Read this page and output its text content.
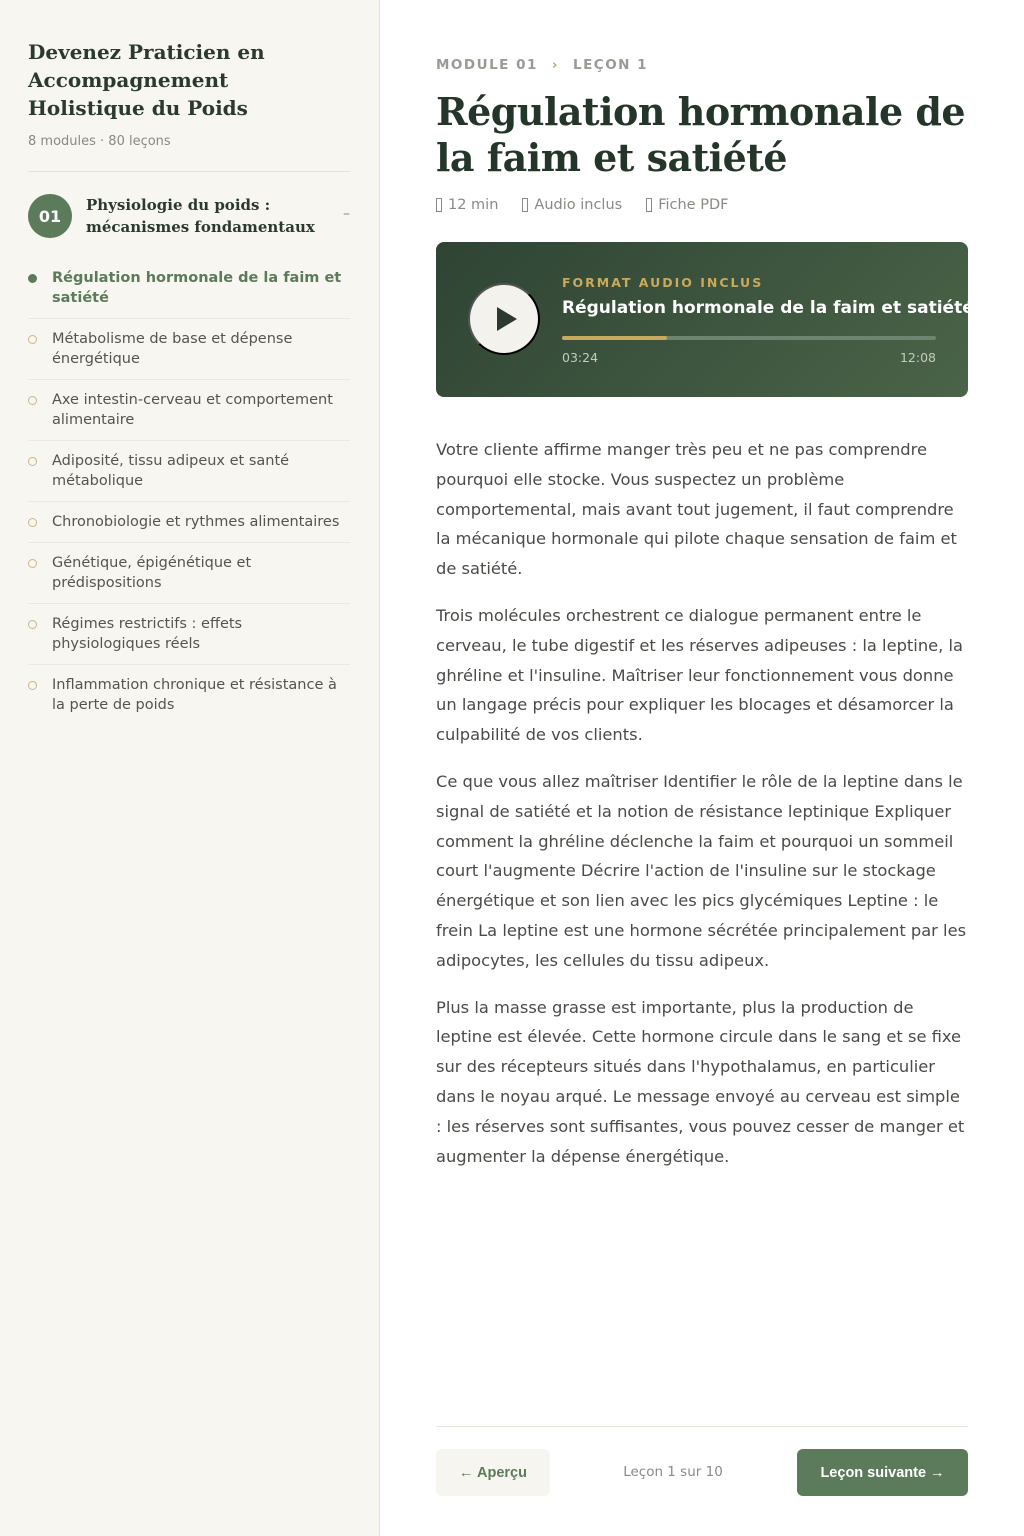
Devenez Praticien en Accompagnement Holistique du Poids
8 modules · 80 leçons
01
Physiologie du poids : mécanismes fondamentaux
–
Régulation hormonale de la faim et satiété
Métabolisme de base et dépense énergétique
Axe intestin-cerveau et comportement alimentaire
Adiposité, tissu adipeux et santé métabolique
Chronobiologie et rythmes alimentaires
Génétique, épigénétique et prédispositions
Régimes restrictifs : effets physiologiques réels
Inflammation chronique et résistance à la perte de poids
MODULE 01 › LEÇON 1
Régulation hormonale de la faim et satiété
12 min Audio inclus Fiche PDF
FORMAT AUDIO INCLUS
Régulation hormonale de la faim et satiété
03:24	12:08

Votre cliente affirme manger très peu et ne pas comprendre pourquoi elle stocke. Vous suspectez un problème comportemental, mais avant tout jugement, il faut comprendre la mécanique hormonale qui pilote chaque sensation de faim et de satiété.

Trois molécules orchestrent ce dialogue permanent entre le cerveau, le tube digestif et les réserves adipeuses : la leptine, la ghréline et l'insuline. Maîtriser leur fonctionnement vous donne un langage précis pour expliquer les blocages et désamorcer la culpabilité de vos clients.

Ce que vous allez maîtriser Identifier le rôle de la leptine dans le signal de satiété et la notion de résistance leptinique Expliquer comment la ghréline déclenche la faim et pourquoi un sommeil court l'augmente Décrire l'action de l'insuline sur le stockage énergétique et son lien avec les pics glycémiques Leptine : le frein La leptine est une hormone sécrétée principalement par les adipocytes, les cellules du tissu adipeux.

Plus la masse grasse est importante, plus la production de leptine est élevée. Cette hormone circule dans le sang et se fixe sur des récepteurs situés dans l'hypothalamus, en particulier dans le noyau arqué. Le message envoyé au cerveau est simple : les réserves sont suffisantes, vous pouvez cesser de manger et augmenter la dépense énergétique.

← Aperçu	Leçon 1 sur 10	Leçon suivante →
